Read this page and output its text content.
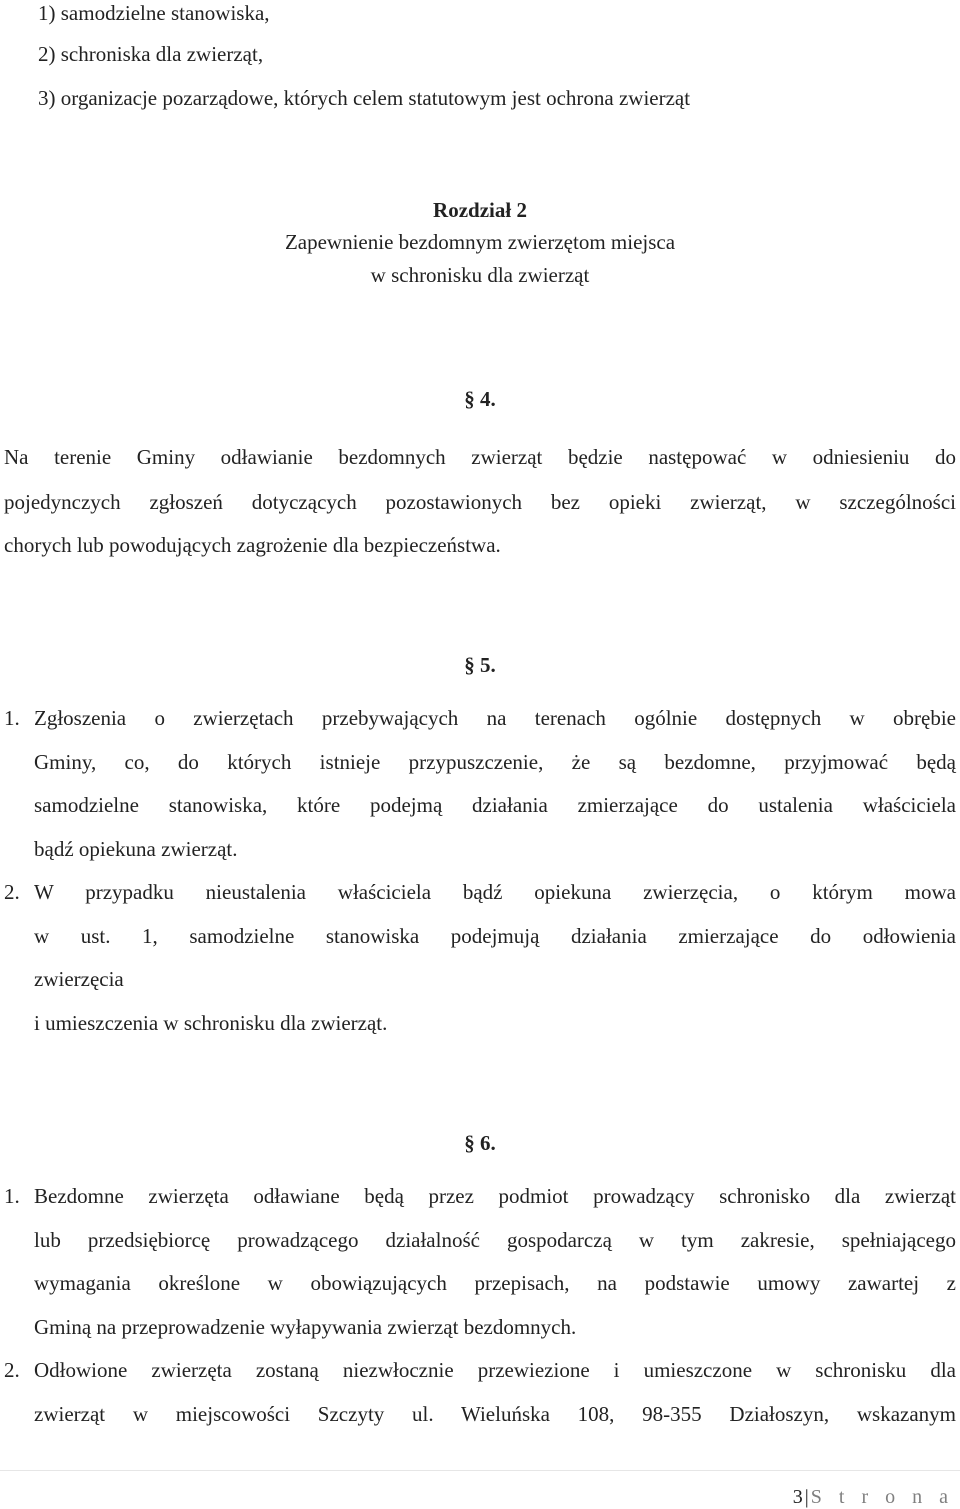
1) samodzielne stanowiska,
2) schroniska dla zwierząt,
3) organizacje pozarządowe, których celem statutowym jest ochrona zwierząt
Rozdział 2
Zapewnienie bezdomnym zwierzętom miejsca
w schronisku dla zwierząt
§ 4.
Na terenie Gminy odławianie bezdomnych zwierząt będzie następować w odniesieniu do
pojedynczych zgłoszeń dotyczących pozostawionych bez opieki zwierząt, w szczególności
chorych lub powodujących zagrożenie dla bezpieczeństwa.
§ 5.
1. Zgłoszenia o zwierzętach przebywających na terenach ogólnie dostępnych w obrębie
Gminy, co, do których istnieje przypuszczenie, że są bezdomne, przyjmować będą
samodzielne stanowiska, które podejmą działania zmierzające do ustalenia właściciela
bądź opiekuna zwierząt.
2. W przypadku nieustalenia właściciela bądź opiekuna zwierzęcia, o którym mowa
w ust. 1, samodzielne stanowiska podejmują działania zmierzające do odłowienia
zwierzęcia
i umieszczenia w schronisku dla zwierząt.
§ 6.
1. Bezdomne zwierzęta odławiane będą przez podmiot prowadzący schronisko dla zwierząt
lub przedsiębiorcę prowadzącego działalność gospodarczą w tym zakresie, spełniającego
wymagania określone w obowiązujących przepisach, na podstawie umowy zawartej z
Gminą na przeprowadzenie wyłapywania zwierząt bezdomnych.
2. Odłowione zwierzęta zostaną niezwłocznie przewiezione i umieszczone w schronisku dla
zwierząt w miejscowości Szczyty ul. Wieluńska 108, 98-355 Działoszyn, wskazanym
3 | S t r o n a
